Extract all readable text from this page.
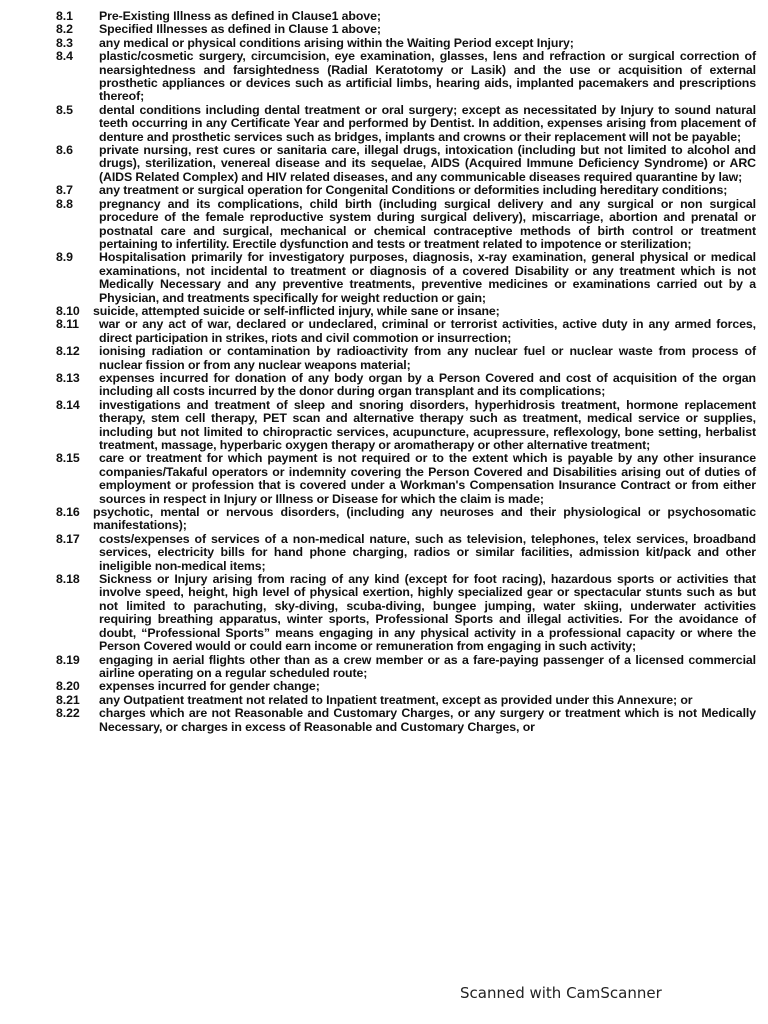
8.1	Pre-Existing Illness as defined in Clause1 above;
8.2	Specified Illnesses as defined in Clause 1 above;
8.3	any medical or physical conditions arising within the Waiting Period except Injury;
8.4	plastic/cosmetic surgery, circumcision, eye examination, glasses, lens and refraction or surgical correction of nearsightedness and farsightedness (Radial Keratotomy or Lasik) and the use or acquisition of external prosthetic appliances or devices such as artificial limbs, hearing aids, implanted pacemakers and prescriptions thereof;
8.5	dental conditions including dental treatment or oral surgery; except as necessitated by Injury to sound natural teeth occurring in any Certificate Year and performed by Dentist. In addition, expenses arising from placement of denture and prosthetic services such as bridges, implants and crowns or their replacement will not be payable;
8.6	private nursing, rest cures or sanitaria care, illegal drugs, intoxication (including but not limited to alcohol and drugs), sterilization, venereal disease and its sequelae, AIDS (Acquired Immune Deficiency Syndrome) or ARC (AIDS Related Complex) and HIV related diseases, and any communicable diseases required quarantine by law;
8.7	any treatment or surgical operation for Congenital Conditions or deformities including hereditary conditions;
8.8	pregnancy and its complications, child birth (including surgical delivery and any surgical or non surgical procedure of the female reproductive system during surgical delivery), miscarriage, abortion and prenatal or postnatal care and surgical, mechanical or chemical contraceptive methods of birth control or treatment pertaining to infertility. Erectile dysfunction and tests or treatment related to impotence or sterilization;
8.9	Hospitalisation primarily for investigatory purposes, diagnosis, x-ray examination, general physical or medical examinations, not incidental to treatment or diagnosis of a covered Disability or any treatment which is not Medically Necessary and any preventive treatments, preventive medicines or examinations carried out by a Physician, and treatments specifically for weight reduction or gain;
8.10	suicide, attempted suicide or self-inflicted injury, while sane or insane;
8.11	war or any act of war, declared or undeclared, criminal or terrorist activities, active duty in any armed forces, direct participation in strikes, riots and civil commotion or insurrection;
8.12	ionising radiation or contamination by radioactivity from any nuclear fuel or nuclear waste from process of nuclear fission or from any nuclear weapons material;
8.13	expenses incurred for donation of any body organ by a Person Covered and cost of acquisition of the organ including all costs incurred by the donor during organ transplant and its complications;
8.14	investigations and treatment of sleep and snoring disorders, hyperhidrosis treatment, hormone replacement therapy, stem cell therapy, PET scan and alternative therapy such as treatment, medical service or supplies, including but not limited to chiropractic services, acupuncture, acupressure, reflexology, bone setting, herbalist treatment, massage, hyperbaric oxygen therapy or aromatherapy or other alternative treatment;
8.15	care or treatment for which payment is not required or to the extent which is payable by any other insurance companies/Takaful operators or indemnity covering the Person Covered and Disabilities arising out of duties of employment or profession that is covered under a Workman's Compensation Insurance Contract or from either sources in respect in Injury or Illness or Disease for which the claim is made;
8.16	psychotic, mental or nervous disorders, (including any neuroses and their physiological or psychosomatic manifestations);
8.17	costs/expenses of services of a non-medical nature, such as television, telephones, telex services, broadband services, electricity bills for hand phone charging, radios or similar facilities, admission kit/pack and other ineligible non-medical items;
8.18	Sickness or Injury arising from racing of any kind (except for foot racing), hazardous sports or activities that involve speed, height, high level of physical exertion, highly specialized gear or spectacular stunts such as but not limited to parachuting, sky-diving, scuba-diving, bungee jumping, water skiing, underwater activities requiring breathing apparatus, winter sports, Professional Sports and illegal activities. For the avoidance of doubt, “Professional Sports” means engaging in any physical activity in a professional capacity or where the Person Covered would or could earn income or remuneration from engaging in such activity;
8.19	engaging in aerial flights other than as a crew member or as a fare-paying passenger of a licensed commercial airline operating on a regular scheduled route;
8.20	expenses incurred for gender change;
8.21	any Outpatient treatment not related to Inpatient treatment, except as provided under this Annexure; or
8.22	charges which are not Reasonable and Customary Charges, or any surgery or treatment which is not Medically Necessary, or charges in excess of Reasonable and Customary Charges, or

Scanned with CamScanner
